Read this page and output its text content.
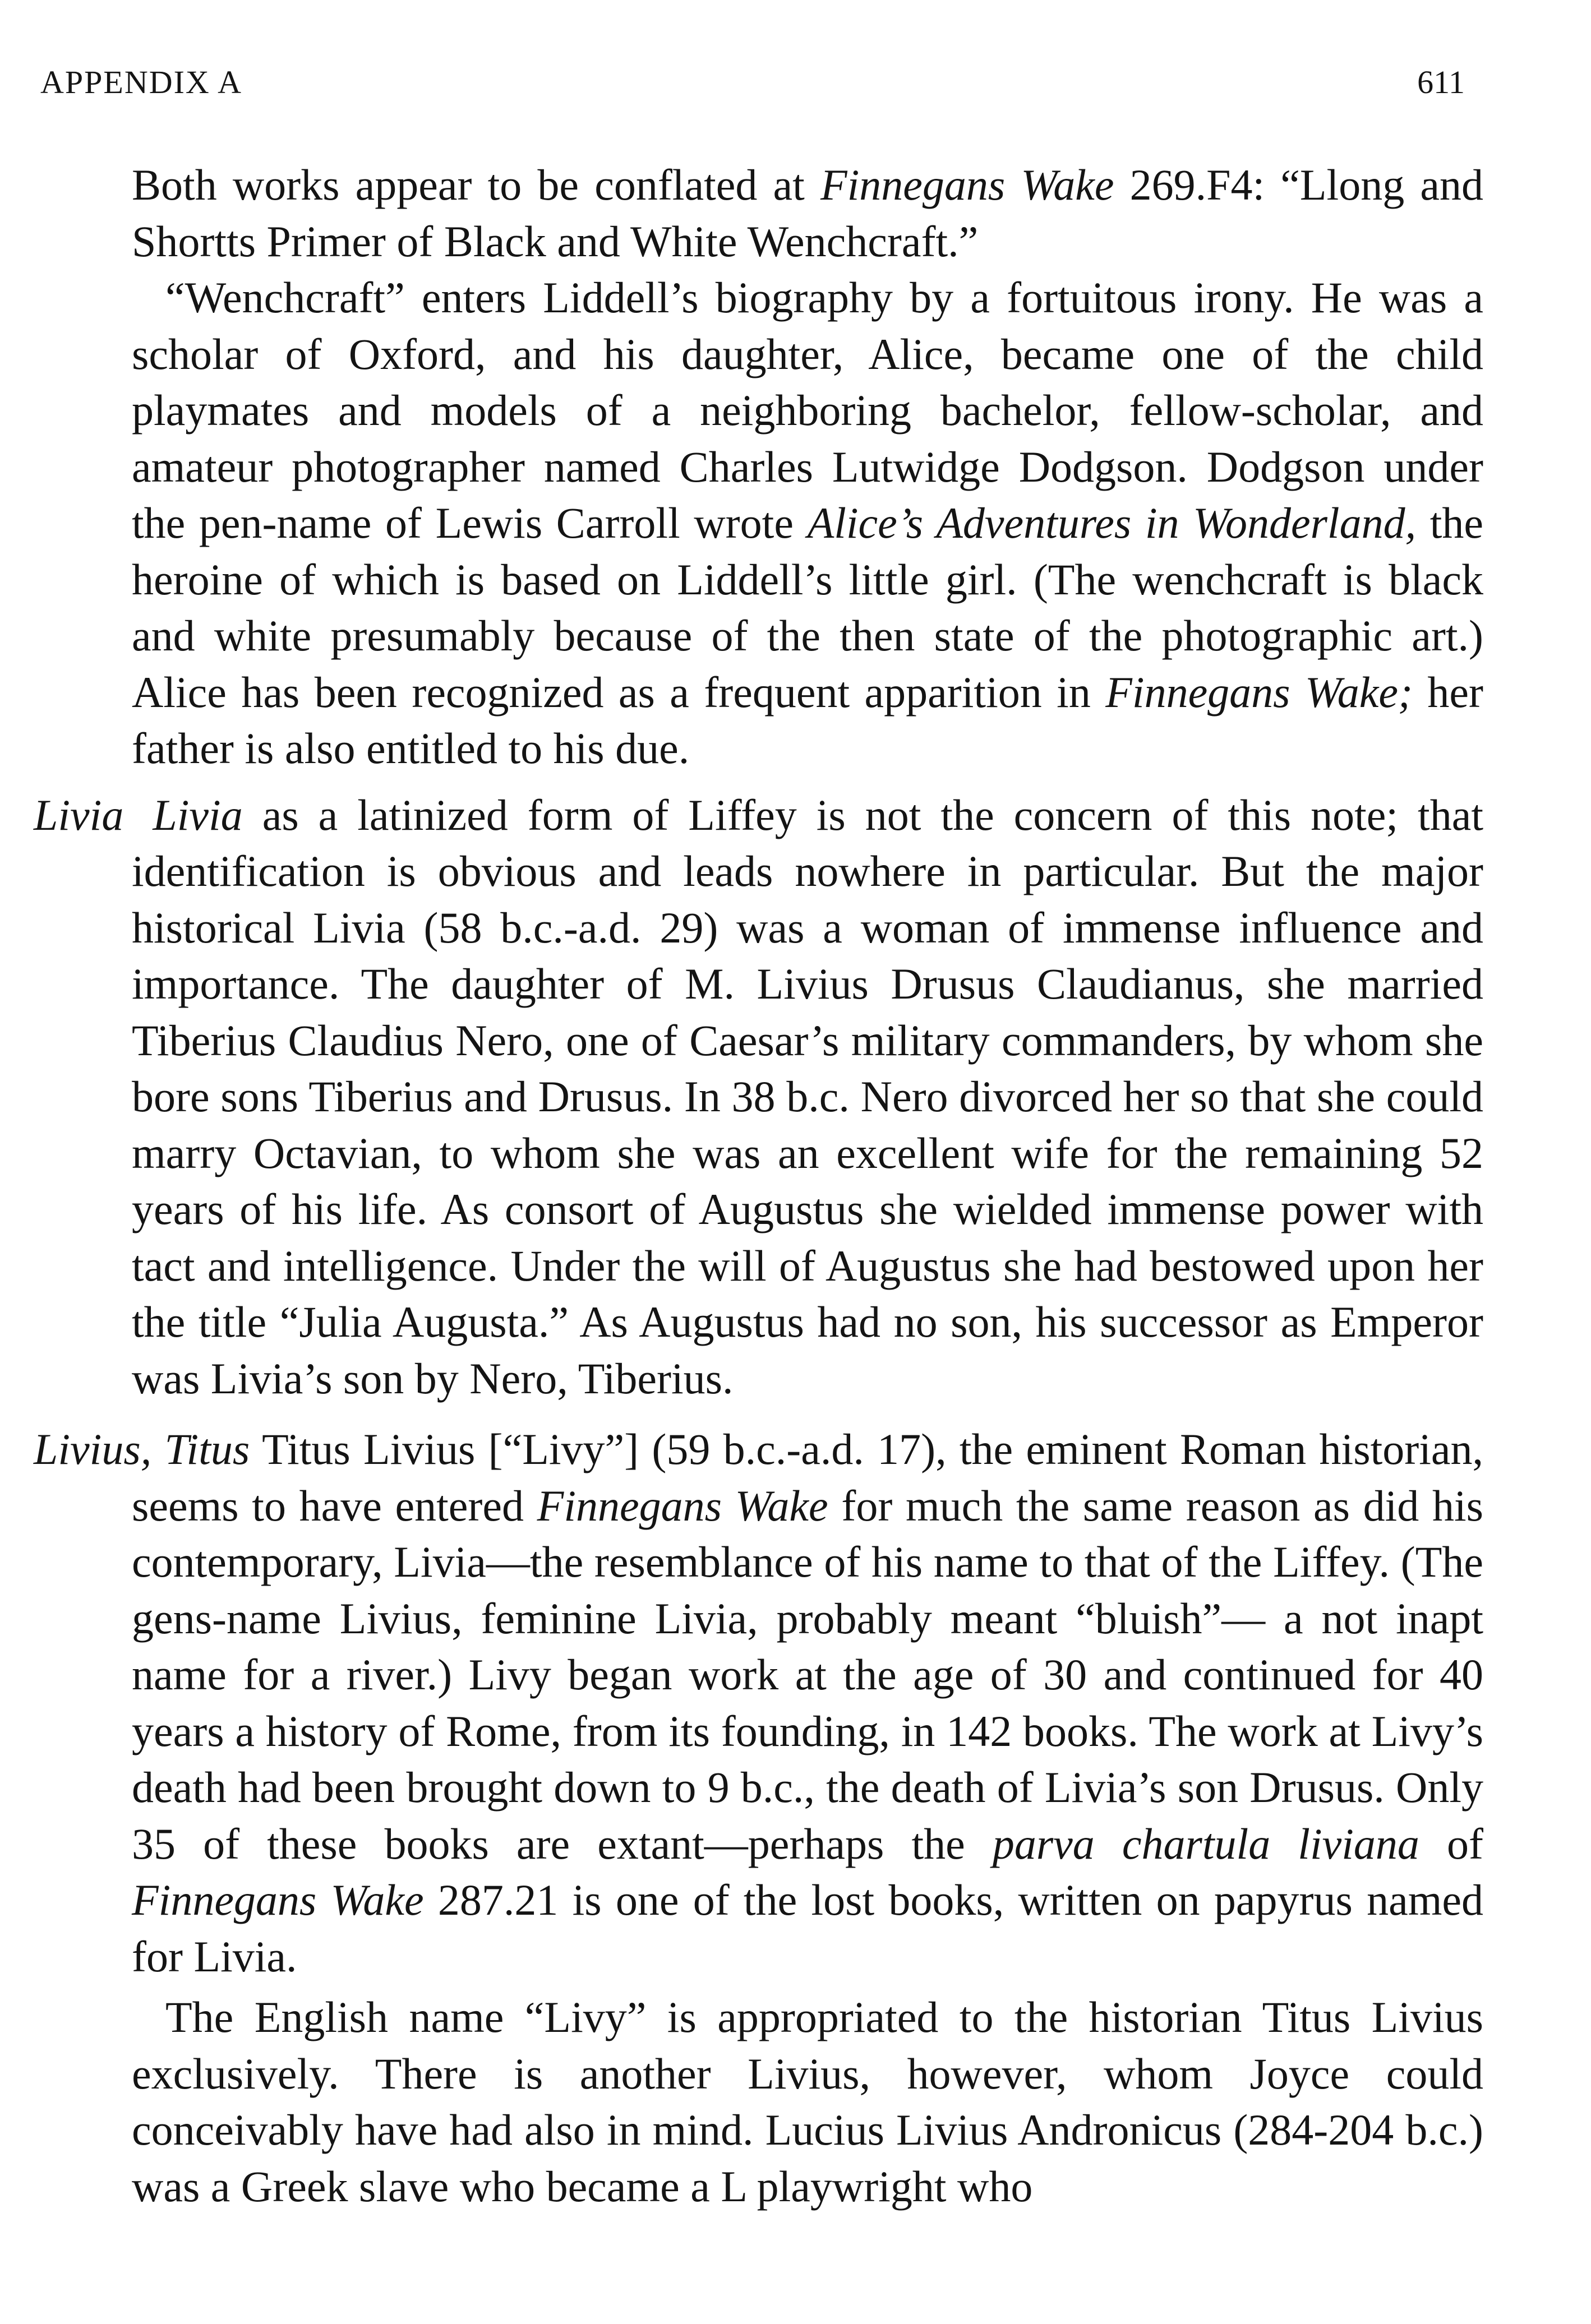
APPENDIX A	611

Both works appear to be conflated at Finnegans Wake 269.F4: “Llong and Shortts Primer of Black and White Wenchcraft.”

“Wenchcraft” enters Liddell’s biography by a fortuitous irony. He was a scholar of Oxford, and his daughter, Alice, became one of the child playmates and models of a neighboring bachelor, fellow-scholar, and amateur photographer named Charles Lutwidge Dodgson. Dodgson under the pen-name of Lewis Carroll wrote Alice’s Adventures in Wonderland, the heroine of which is based on Liddell’s little girl. (The wenchcraft is black and white presumably because of the then state of the photographic art.) Alice has been recognized as a frequent apparition in Finnegans Wake; her father is also entitled to his due.

Livia   Livia as a latinized form of Liffey is not the concern of this note; that identification is obvious and leads nowhere in particular. But the major historical Livia (58 b.c.-a.d. 29) was a woman of immense influence and importance. The daughter of M. Livius Drusus Claudianus, she married Tiberius Claudius Nero, one of Caesar’s military commanders, by whom she bore sons Tiberius and Drusus. In 38 b.c. Nero divorced her so that she could marry Octavian, to whom she was an excellent wife for the remaining 52 years of his life. As consort of Augustus she wielded immense power with tact and intelligence. Under the will of Augustus she had bestowed upon her the title “Julia Augusta.” As Augustus had no son, his successor as Emperor was Livia’s son by Nero, Tiberius.

Livius, Titus Titus Livius [“Livy”] (59 b.c.-a.d. 17), the eminent Roman historian, seems to have entered Finnegans Wake for much the same reason as did his contemporary, Livia—the resemblance of his name to that of the Liffey. (The gens-name Livius, feminine Livia, probably meant “bluish”— a not inapt name for a river.) Livy began work at the age of 30 and continued for 40 years a history of Rome, from its founding, in 142 books. The work at Livy’s death had been brought down to 9 b.c., the death of Livia’s son Drusus. Only 35 of these books are extant—perhaps the parva chartula liviana of Finnegans Wake 287.21 is one of the lost books, written on papyrus named for Livia.

The English name “Livy” is appropriated to the historian Titus Livius exclusively. There is another Livius, however, whom Joyce could conceivably have had also in mind. Lucius Livius Andronicus (284-204 b.c.) was a Greek slave who became a L playwright who
